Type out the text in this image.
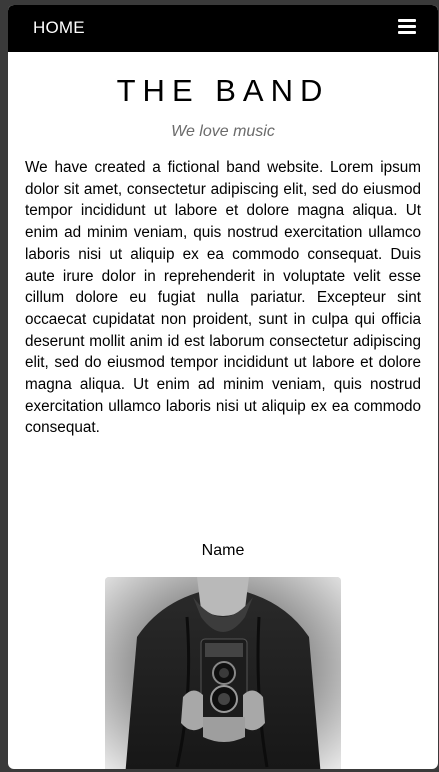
HOME
THE BAND

We love music

We have created a fictional band website. Lorem ipsum dolor sit amet, consectetur adipiscing elit, sed do eiusmod tempor incididunt ut labore et dolore magna aliqua. Ut enim ad minim veniam, quis nostrud exercitation ullamco laboris nisi ut aliquip ex ea commodo consequat. Duis aute irure dolor in reprehenderit in voluptate velit esse cillum dolore eu fugiat nulla pariatur. Excepteur sint occaecat cupidatat non proident, sunt in culpa qui officia deserunt mollit anim id est laborum consectetur adipiscing elit, sed do eiusmod tempor incididunt ut labore et dolore magna aliqua. Ut enim ad minim veniam, quis nostrud exercitation ullamco laboris nisi ut aliquip ex ea commodo consequat.

Name
